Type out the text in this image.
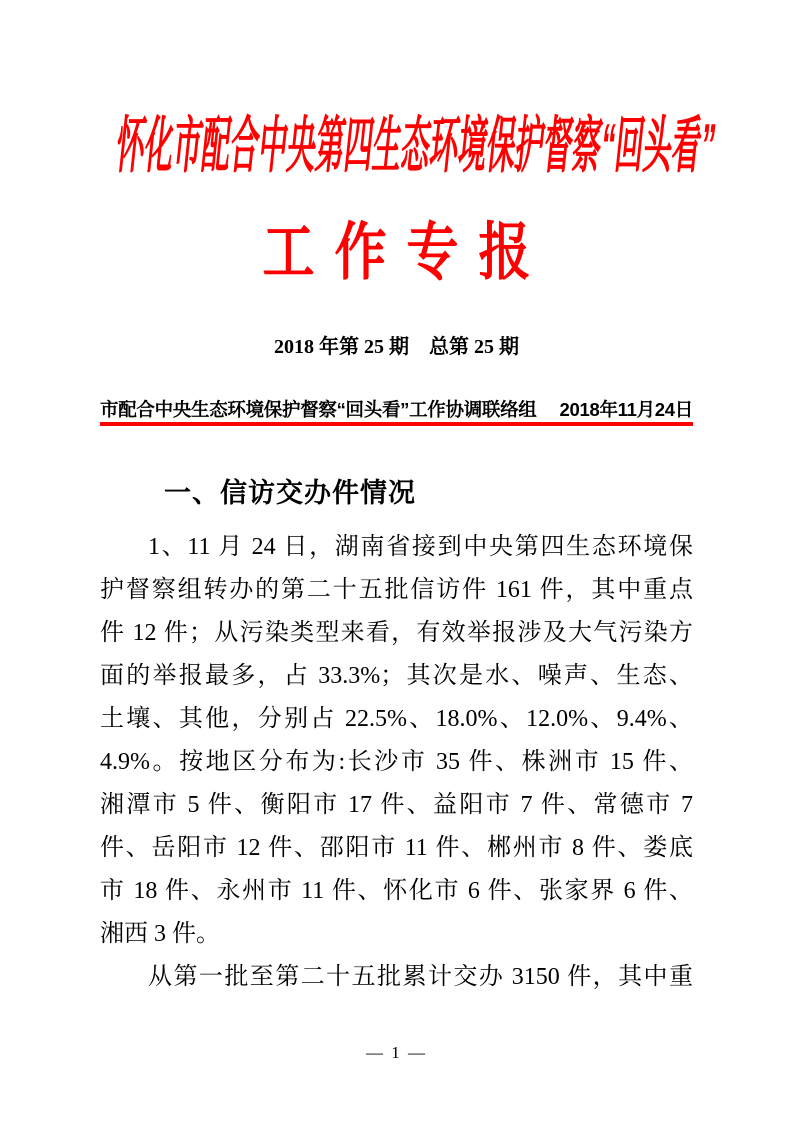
怀化市配合中央第四生态环境保护督察“回头看”
工作专报
2018 年第 25 期　总第 25 期
市配合中央生态环境保护督察“回头看”工作协调联络组 2018年11月24日
一、信访交办件情况
1、11 月 24 日，湖南省接到中央第四生态环境保
护督察组转办的第二十五批信访件 161 件，其中重点
件 12 件；从污染类型来看，有效举报涉及大气污染方
面的举报最多，占 33.3%；其次是水、噪声、生态、
土壤、其他，分别占 22.5%、18.0%、12.0%、9.4%、
4.9%。按地区分布为:长沙市 35 件、株洲市 15 件、
湘潭市 5 件、衡阳市 17 件、益阳市 7 件、常德市 7
件、岳阳市 12 件、邵阳市 11 件、郴州市 8 件、娄底
市 18 件、永州市 11 件、怀化市 6 件、张家界 6 件、
湘西 3 件。
从第一批至第二十五批累计交办 3150 件，其中重
— 1 —
